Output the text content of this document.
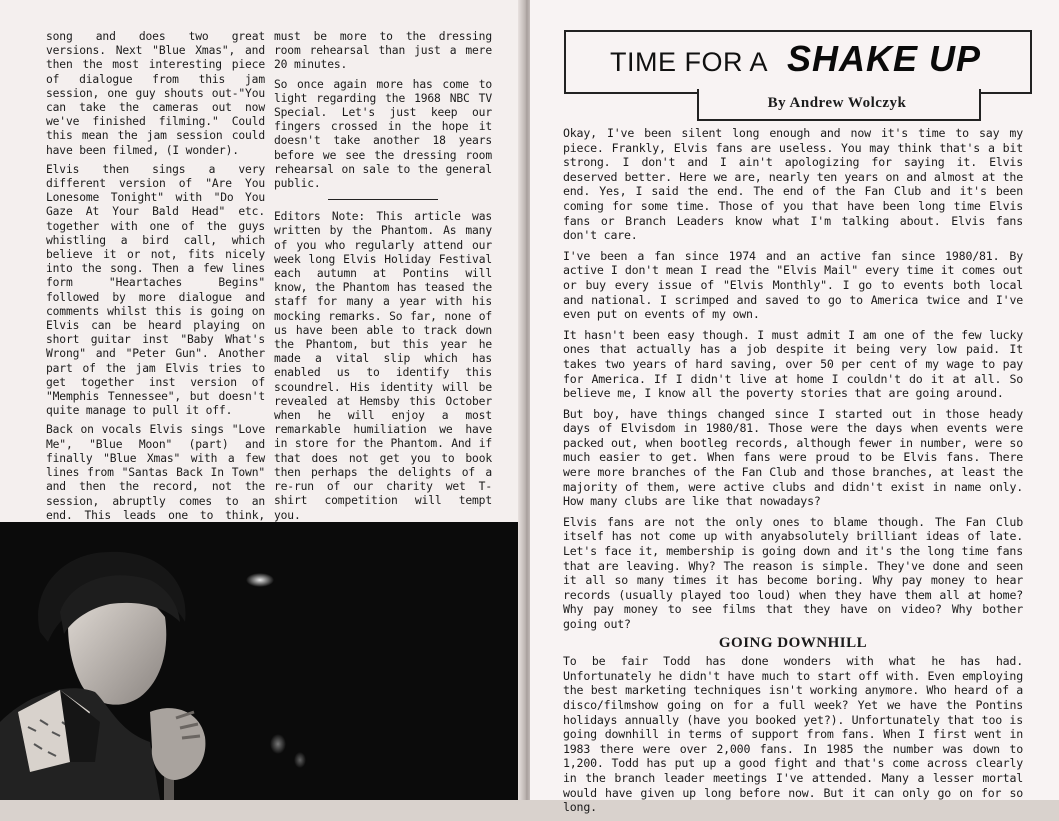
song and does two great versions. Next "Blue Xmas", and then the most interesting piece of dialogue from this jam session, one guy shouts out-"You can take the cameras out now we've finished filming." Could this mean the jam session could have been filmed, (I wonder).

Elvis then sings a very different version of "Are You Lonesome Tonight" with "Do You Gaze At Your Bald Head" etc. together with one of the guys whistling a bird call, which believe it or not, fits nicely into the song. Then a few lines form "Heartaches Begins" followed by more dialogue and comments whilst this is going on Elvis can be heard playing on short guitar inst "Baby What's Wrong" and "Peter Gun". Another part of the jam Elvis tries to get together inst version of "Memphis Tennessee", but doesn't quite manage to pull it off.

Back on vocals Elvis sings "Love Me", "Blue Moon" (part) and finally "Blue Xmas" with a few lines from "Santas Back In Town" and then the record, not the session, abruptly comes to an end. This leads one to think,

must be more to the dressing room rehearsal than just a mere 20 minutes.

So once again more has come to light regarding the 1968 NBC TV Special. Let's just keep our fingers crossed in the hope it doesn't take another 18 years before we see the dressing room rehearsal on sale to the general public.

Editors Note: This article was written by the Phantom. As many of you who regularly attend our week long Elvis Holiday Festival each autumn at Pontins will know, the Phantom has teased the staff for many a year with his mocking remarks. So far, none of us have been able to track down the Phantom, but this year he made a vital slip which has enabled us to identify this scoundrel. His identity will be revealed at Hemsby this October when he will enjoy a most remarkable humiliation we have in store for the Phantom. And if that does not get you to book then perhaps the delights of a re-run of our charity wet T-shirt competition will tempt you.

TIME FOR A SHAKE UP
By Andrew Wolczyk

Okay, I've been silent long enough and now it's time to say my piece. Frankly, Elvis fans are useless. You may think that's a bit strong. I don't and I ain't apologizing for saying it. Elvis deserved better. Here we are, nearly ten years on and almost at the end. Yes, I said the end. The end of the Fan Club and it's been coming for some time. Those of you that have been long time Elvis fans or Branch Leaders know what I'm talking about. Elvis fans don't care.

I've been a fan since 1974 and an active fan since 1980/81. By active I don't mean I read the "Elvis Mail" every time it comes out or buy every issue of "Elvis Monthly". I go to events both local and national. I scrimped and saved to go to America twice and I've even put on events of my own.

It hasn't been easy though. I must admit I am one of the few lucky ones that actually has a job despite it being very low paid. It takes two years of hard saving, over 50 per cent of my wage to pay for America. If I didn't live at home I couldn't do it at all. So believe me, I know all the poverty stories that are going around.

But boy, have things changed since I started out in those heady days of Elvisdom in 1980/81. Those were the days when events were packed out, when bootleg records, although fewer in number, were so much easier to get. When fans were proud to be Elvis fans. There were more branches of the Fan Club and those branches, at least the majority of them, were active clubs and didn't exist in name only. How many clubs are like that nowadays?

Elvis fans are not the only ones to blame though. The Fan Club itself has not come up with anyabsolutely brilliant ideas of late. Let's face it, membership is going down and it's the long time fans that are leaving. Why? The reason is simple. They've done and seen it all so many times it has become boring. Why pay money to hear records (usually played too loud) when they have them all at home? Why pay money to see films that they have on video? Why bother going out?

GOING DOWNHILL

To be fair Todd has done wonders with what he has had. Unfortunately he didn't have much to start off with. Even employing the best marketing techniques isn't working anymore. Who heard of a disco/filmshow going on for a full week? Yet we have the Pontins holidays annually (have you booked yet?). Unfortunately that too is going downhill in terms of support from fans. When I first went in 1983 there were over 2,000 fans. In 1985 the number was down to 1,200. Todd has put up a good fight and that's come across clearly in the branch leader meetings I've attended. Many a lesser mortal would have given up long before now. But it can only go on for so long.
